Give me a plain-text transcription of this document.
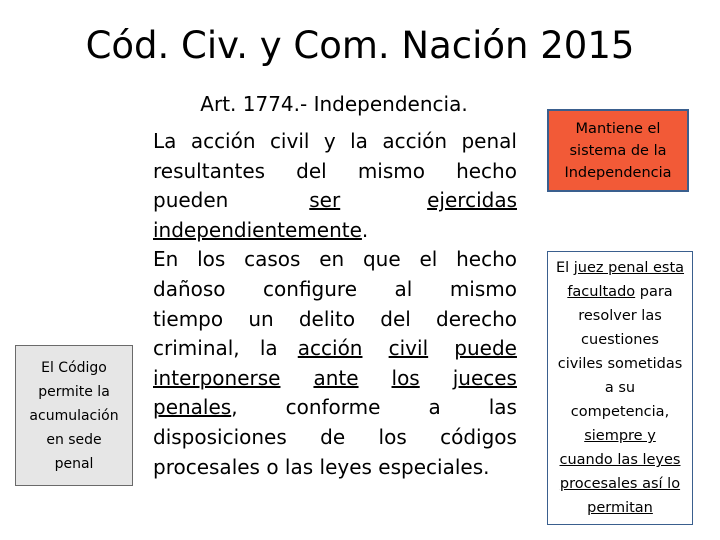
Cód. Civ. y Com. Nación 2015
Art. 1774.- Independencia.
La acción civil y la acción penal
resultantes del mismo hecho
pueden	ser	ejercidas
independientemente .
En los casos en que el hecho
dañoso configure al mismo
tiempo un delito del derecho
criminal, la acción	civil	puede
interponerse	ante	los	jueces
penales, conforme a las
disposiciones de los códigos
procesales o las leyes especiales.
El Código
permite la
acumulación
en sede
penal
Mantiene el
sistema de la
Independencia
El juez penal esta
facultado para
resolver las
cuestiones
civiles sometidas
a su
competencia,
siempre y
cuando las leyes
procesales así lo
permitan
